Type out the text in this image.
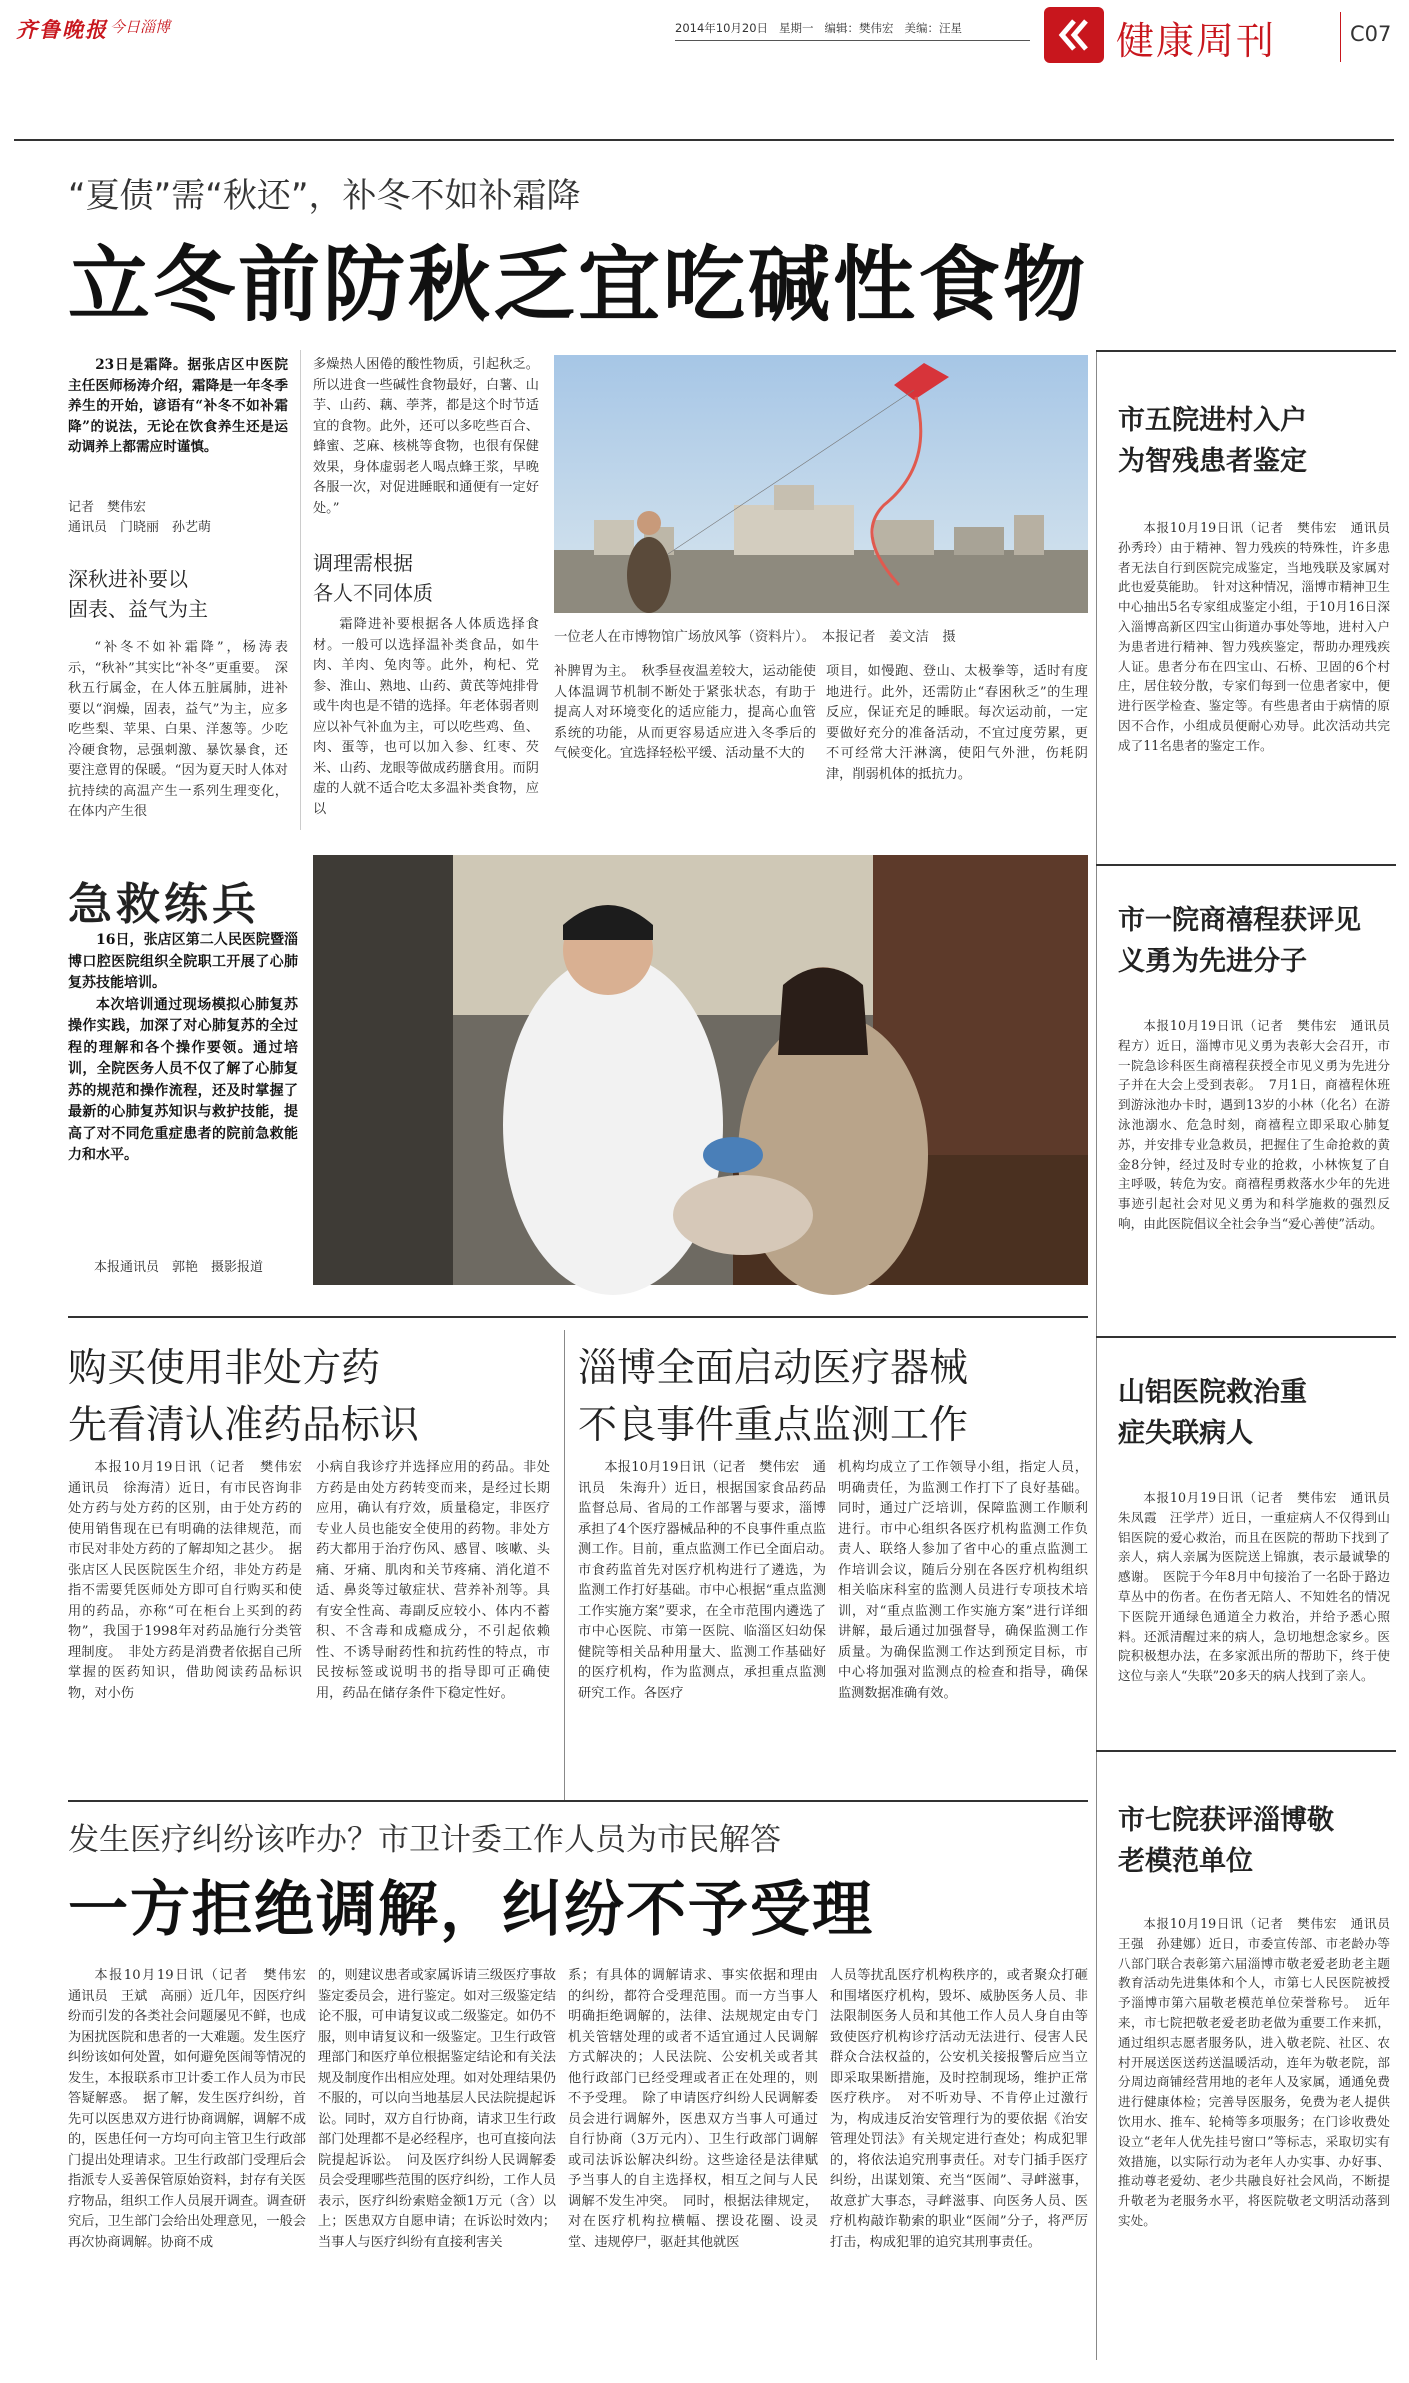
齐鲁晚报 今日淄博	2014年10月20日 星期一 编辑：樊伟宏 美编：汪星	健康周刊	C07
“夏债”需“秋还”，补冬不如补霜降
立冬前防秋乏宜吃碱性食物

23日是霜降。据张店区中医院主任医师杨涛介绍，霜降是一年冬季养生的开始，谚语有“补冬不如补霜降”的说法，无论在饮食养生还是运动调养上都需应时谨慎。

记者　樊伟宏
通讯员　门晓丽　孙艺萌
深秋进补要以
固表、益气为主

“补冬不如补霜降”，杨涛表示，“秋补”其实比“补冬”更重要。　深秋五行属金，在人体五脏属肺，进补要以“润燥，固表，益气”为主，应多吃些梨、苹果、白果、洋葱等。少吃冷硬食物，忌强刺激、暴饮暴食，还要注意胃的保暖。“因为夏天时人体对抗持续的高温产生一系列生理变化，在体内产生很

多燥热人困倦的酸性物质，引起秋乏。所以进食一些碱性食物最好，白薯、山芋、山药、藕、荸荠，都是这个时节适宜的食物。此外，还可以多吃些百合、蜂蜜、芝麻、核桃等食物，也很有保健效果，身体虚弱老人喝点蜂王浆，早晚各服一次，对促进睡眠和通便有一定好处。”

调理需根据
各人不同体质

霜降进补要根据各人体质选择食材。一般可以选择温补类食品，如牛肉、羊肉、兔肉等。此外，枸杞、党参、淮山、熟地、山药、黄芪等炖排骨或牛肉也是不错的选择。年老体弱者则应以补气补血为主，可以吃些鸡、鱼、肉、蛋等，也可以加入参、红枣、芡米、山药、龙眼等做成药膳食用。而阴虚的人就不适合吃太多温补类食物，应以

一位老人在市博物馆广场放风筝（资料片）。　本报记者　姜文洁　摄

补脾胃为主。　秋季昼夜温差较大，运动能使人体温调节机制不断处于紧张状态，有助于提高人对环境变化的适应能力，提高心血管系统的功能，从而更容易适应进入冬季后的气候变化。宜选择轻松平缓、活动量不大的

项目，如慢跑、登山、太极拳等，适时有度地进行。此外，还需防止“春困秋乏”的生理反应，保证充足的睡眠。每次运动前，一定要做好充分的准备活动，不宜过度劳累，更不可经常大汗淋漓，使阳气外泄，伤耗阴津，削弱机体的抵抗力。

急救练兵

16日，张店区第二人民医院暨淄博口腔医院组织全院职工开展了心肺复苏技能培训。

本次培训通过现场模拟心肺复苏操作实践，加深了对心肺复苏的全过程的理解和各个操作要领。通过培训，全院医务人员不仅了解了心肺复苏的规范和操作流程，还及时掌握了最新的心肺复苏知识与救护技能，提高了对不同危重症患者的院前急救能力和水平。

本报通讯员　郭艳　摄影报道
市五院进村入户为智残患者鉴定

本报10月19日讯（记者　樊伟宏　通讯员　孙秀玲）由于精神、智力残疾的特殊性，许多患者无法自行到医院完成鉴定，当地残联及家属对此也爱莫能助。　针对这种情况，淄博市精神卫生中心抽出5名专家组成鉴定小组，于10月16日深入淄博高新区四宝山街道办事处等地，进村入户为患者进行精神、智力残疾鉴定，帮助办理残疾人证。患者分布在四宝山、石桥、卫固的6个村庄，居住较分散，专家们每到一位患者家中，便进行医学检查、鉴定等。有些患者由于病情的原因不合作，小组成员便耐心劝导。此次活动共完成了11名患者的鉴定工作。

市一院商禧程获评见义勇为先进分子

本报10月19日讯（记者　樊伟宏　通讯员　程方）近日，淄博市见义勇为表彰大会召开，市一院急诊科医生商禧程获授全市见义勇为先进分子并在大会上受到表彰。　7月1日，商禧程休班到游泳池办卡时，遇到13岁的小林（化名）在游泳池溺水、危急时刻，商禧程立即采取心肺复苏，并安排专业急救员，把握住了生命抢救的黄金8分钟，经过及时专业的抢救，小林恢复了自主呼吸，转危为安。商禧程勇救落水少年的先进事迹引起社会对见义勇为和科学施救的强烈反响，由此医院倡议全社会争当“爱心善使”活动。

山铝医院救治重症失联病人

本报10月19日讯（记者　樊伟宏　通讯员　朱凤霞　汪学芹）近日，一重症病人不仅得到山铝医院的爱心救治，而且在医院的帮助下找到了亲人，病人亲属为医院送上锦旗，表示最诚挚的感谢。　医院于今年8月中旬接治了一名卧于路边草丛中的伤者。在伤者无陪人、不知姓名的情况下医院开通绿色通道全力救治，并给予悉心照料。还派清醒过来的病人，急切地想念家乡。医院积极想办法，在多家派出所的帮助下，终于使这位与亲人“失联”20多天的病人找到了亲人。

市七院获评淄博敬老模范单位

本报10月19日讯（记者　樊伟宏　通讯员　王强　孙建娜）近日，市委宣传部、市老龄办等八部门联合表彰第六届淄博市敬老爱老助老主题教育活动先进集体和个人，市第七人民医院被授予淄博市第六届敬老模范单位荣誉称号。　近年来，市七院把敬老爱老助老做为重要工作来抓，通过组织志愿者服务队，进入敬老院、社区、农村开展送医送药送温暖活动，连年为敬老院，部分周边商铺经营用地的老年人及家属，通通免费进行健康体检；完善导医服务，免费为老人提供饮用水、推车、轮椅等多项服务；在门诊收费处设立“老年人优先挂号窗口”等标志，采取切实有效措施，以实际行动为老年人办实事、办好事、推动尊老爱幼、老少共融良好社会风尚，不断提升敬老为老服务水平，将医院敬老文明活动落到实处。

购买使用非处方药
先看清认准药品标识

本报10月19日讯（记者　樊伟宏　通讯员　徐海清）近日，有市民咨询非处方药与处方药的区别，由于处方药的使用销售现在已有明确的法律规范，而市民对非处方药的了解却知之甚少。　据张店区人民医院医生介绍，非处方药是指不需要凭医师处方即可自行购买和使用的药品，亦称“可在柜台上买到的药物”，我国于1998年对药品施行分类管理制度。　非处方药是消费者依据自己所掌握的医药知识，借助阅读药品标识物，对小伤

小病自我诊疗并选择应用的药品。非处方药是由处方药转变而来，是经过长期应用，确认有疗效，质量稳定，非医疗专业人员也能安全使用的药物。非处方药大都用于治疗伤风、感冒、咳嗽、头痛、牙痛、肌肉和关节疼痛、消化道不适、鼻炎等过敏症状、营养补剂等。具有安全性高、毒副反应较小、体内不蓄积、不含毒和成瘾成分，不引起依赖性、不诱导耐药性和抗药性的特点，市民按标签或说明书的指导即可正确使用，药品在储存条件下稳定性好。

淄博全面启动医疗器械
不良事件重点监测工作

本报10月19日讯（记者　樊伟宏　通讯员　朱海升）近日，根据国家食品药品监督总局、省局的工作部署与要求，淄博承担了4个医疗器械品种的不良事件重点监测工作。目前，重点监测工作已全面启动。　市食药监首先对医疗机构进行了遴选，为监测工作打好基础。市中心根据“重点监测工作实施方案”要求，在全市范围内遴选了市中心医院、市第一医院、临淄区妇幼保健院等相关品种用量大、监测工作基础好的医疗机构，作为监测点，承担重点监测研究工作。各医疗

机构均成立了工作领导小组，指定人员，明确责任，为监测工作打下了良好基础。同时，通过广泛培训，保障监测工作顺利进行。市中心组织各医疗机构监测工作负责人、联络人参加了省中心的重点监测工作培训会议，随后分别在各医疗机构组织相关临床科室的监测人员进行专项技术培训，对“重点监测工作实施方案”进行详细讲解，最后通过加强督导，确保监测工作质量。为确保监测工作达到预定目标，市中心将加强对监测点的检查和指导，确保监测数据准确有效。

发生医疗纠纷该咋办？市卫计委工作人员为市民解答
一方拒绝调解，纠纷不予受理

本报10月19日讯（记者　樊伟宏　通讯员　王斌　高丽）近几年，因医疗纠纷而引发的各类社会问题屡见不鲜，也成为困扰医院和患者的一大难题。发生医疗纠纷该如何处置，如何避免医闹等情况的发生，本报联系市卫计委工作人员为市民答疑解惑。　据了解，发生医疗纠纷，首先可以医患双方进行协商调解，调解不成的，医患任何一方均可向主管卫生行政部门提出处理请求。卫生行政部门受理后会指派专人妥善保管原始资料，封存有关医疗物品，组织工作人员展开调查。调查研究后，卫生部门会给出处理意见，一般会再次协商调解。协商不成

的，则建议患者或家属诉请三级医疗事故鉴定委员会，进行鉴定。如对三级鉴定结论不服，可申请复议或二级鉴定。如仍不服，则申请复议和一级鉴定。卫生行政管理部门和医疗单位根据鉴定结论和有关法规及制度作出相应处理。如对处理结果仍不服的，可以向当地基层人民法院提起诉讼。同时，双方自行协商，请求卫生行政部门处理都不是必经程序，也可直接向法院提起诉讼。　问及医疗纠纷人民调解委员会受理哪些范围的医疗纠纷，工作人员表示，医疗纠纷索赔金额1万元（含）以上；医患双方自愿申请；在诉讼时效内；当事人与医疗纠纷有直接利害关

系；有具体的调解请求、事实依据和理由的纠纷，都符合受理范围。而一方当事人明确拒绝调解的，法律、法规规定由专门机关管辖处理的或者不适宜通过人民调解方式解决的；人民法院、公安机关或者其他行政部门已经受理或者正在处理的，则不予受理。　除了申请医疗纠纷人民调解委员会进行调解外，医患双方当事人可通过自行协商（3万元内）、卫生行政部门调解或司法诉讼解决纠纷。这些途径是法律赋予当事人的自主选择权，相互之间与人民调解不发生冲突。　同时，根据法律规定，对在医疗机构拉横幅、摆设花圈、设灵堂、违规停尸，驱赶其他就医

人员等扰乱医疗机构秩序的，或者聚众打砸和围堵医疗机构，毁坏、威胁医务人员、非法限制医务人员和其他工作人员人身自由等致使医疗机构诊疗活动无法进行、侵害人民群众合法权益的，公安机关接报警后应当立即采取果断措施，及时控制现场，维护正常医疗秩序。　对不听劝导、不肯停止过激行为，构成违反治安管理行为的要依据《治安管理处罚法》有关规定进行查处；构成犯罪的，将依法追究刑事责任。对专门插手医疗纠纷，出谋划策、充当“医闹”、寻衅滋事，故意扩大事态，寻衅滋事、向医务人员、医疗机构敲诈勒索的职业“医闹”分子，将严厉打击，构成犯罪的追究其刑事责任。
